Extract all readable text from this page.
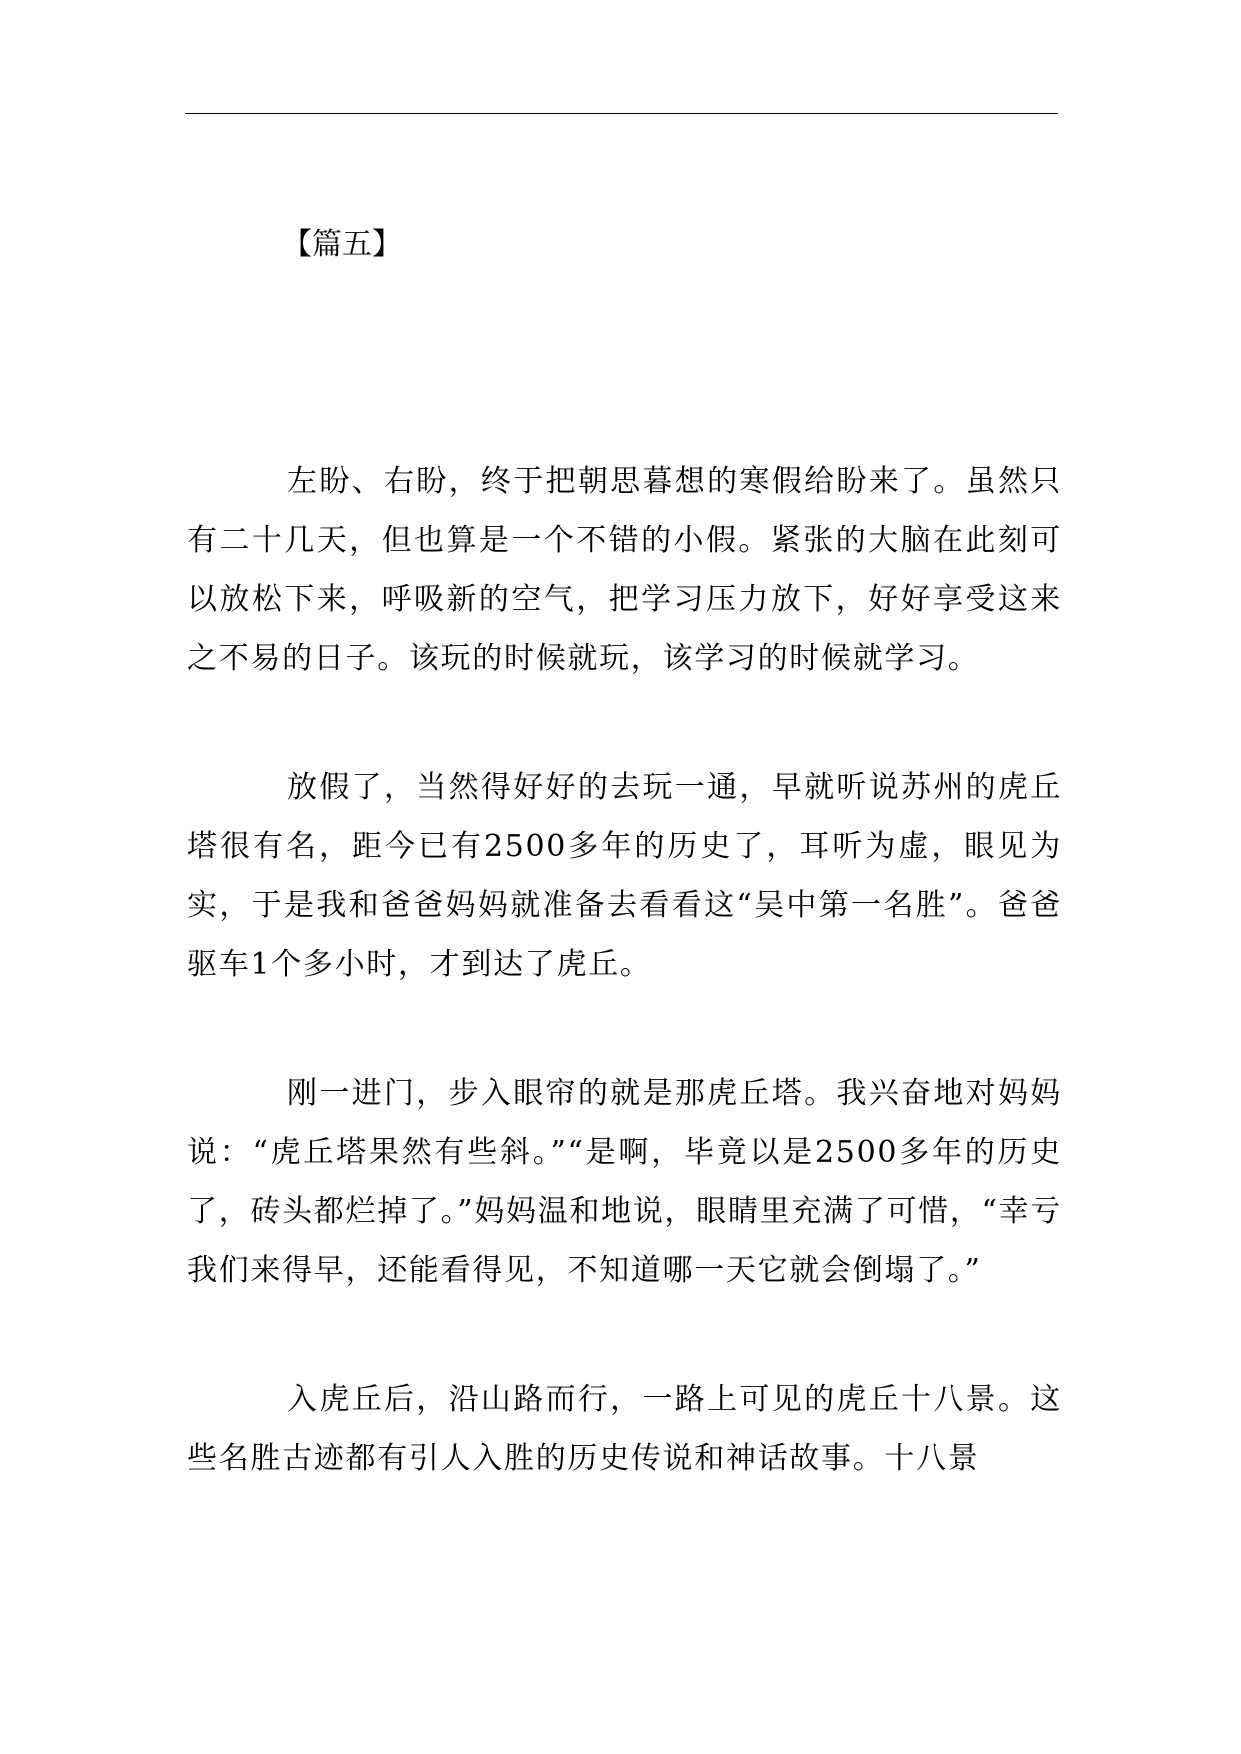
【篇五】

左盼、右盼，终于把朝思暮想的寒假给盼来了。虽然只有二十几天，但也算是一个不错的小假。紧张的大脑在此刻可以放松下来，呼吸新的空气，把学习压力放下，好好享受这来之不易的日子。该玩的时候就玩，该学习的时候就学习。

放假了，当然得好好的去玩一通，早就听说苏州的虎丘塔很有名，距今已有2500多年的历史了，耳听为虚，眼见为实，于是我和爸爸妈妈就准备去看看这“吴中第一名胜”。爸爸驱车1个多小时，才到达了虎丘。

刚一进门，步入眼帘的就是那虎丘塔。我兴奋地对妈妈说：“虎丘塔果然有些斜。”“是啊，毕竟以是2500多年的历史了，砖头都烂掉了。”妈妈温和地说，眼睛里充满了可惜，“幸亏我们来得早，还能看得见，不知道哪一天它就会倒塌了。”

入虎丘后，沿山路而行，一路上可见的虎丘十八景。这些名胜古迹都有引人入胜的历史传说和神话故事。十八景
